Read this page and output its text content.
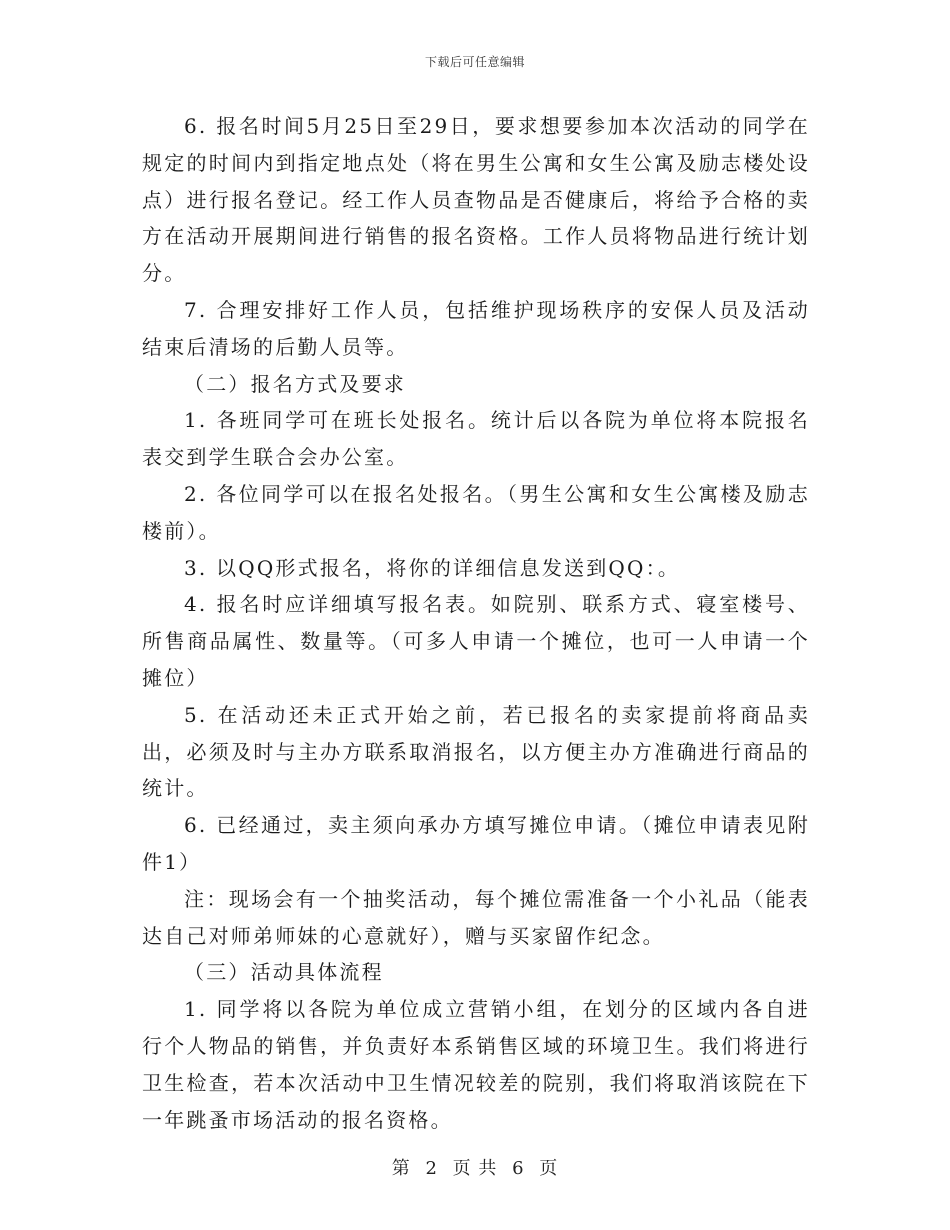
下载后可任意编辑

6. 报名时间5月25日至29日，要求想要参加本次活动的同学在规定的时间内到指定地点处（将在男生公寓和女生公寓及励志楼处设点）进行报名登记。经工作人员查物品是否健康后，将给予合格的卖方在活动开展期间进行销售的报名资格。工作人员将物品进行统计划分。

7. 合理安排好工作人员，包括维护现场秩序的安保人员及活动结束后清场的后勤人员等。

（二）报名方式及要求

1. 各班同学可在班长处报名。统计后以各院为单位将本院报名表交到学生联合会办公室。

2. 各位同学可以在报名处报名。（男生公寓和女生公寓楼及励志楼前）。

3. 以QQ形式报名，将你的详细信息发送到QQ：。

4. 报名时应详细填写报名表。如院别、联系方式、寝室楼号、所售商品属性、数量等。（可多人申请一个摊位，也可一人申请一个摊位）

5. 在活动还未正式开始之前，若已报名的卖家提前将商品卖出，必须及时与主办方联系取消报名，以方便主办方准确进行商品的统计。

6. 已经通过，卖主须向承办方填写摊位申请。（摊位申请表见附件1）

注：现场会有一个抽奖活动，每个摊位需准备一个小礼品（能表达自己对师弟师妹的心意就好），赠与买家留作纪念。

（三）活动具体流程

1. 同学将以各院为单位成立营销小组，在划分的区域内各自进行个人物品的销售，并负责好本系销售区域的环境卫生。我们将进行卫生检查，若本次活动中卫生情况较差的院别，我们将取消该院在下一年跳蚤市场活动的报名资格。

第 2 页 共 6 页
